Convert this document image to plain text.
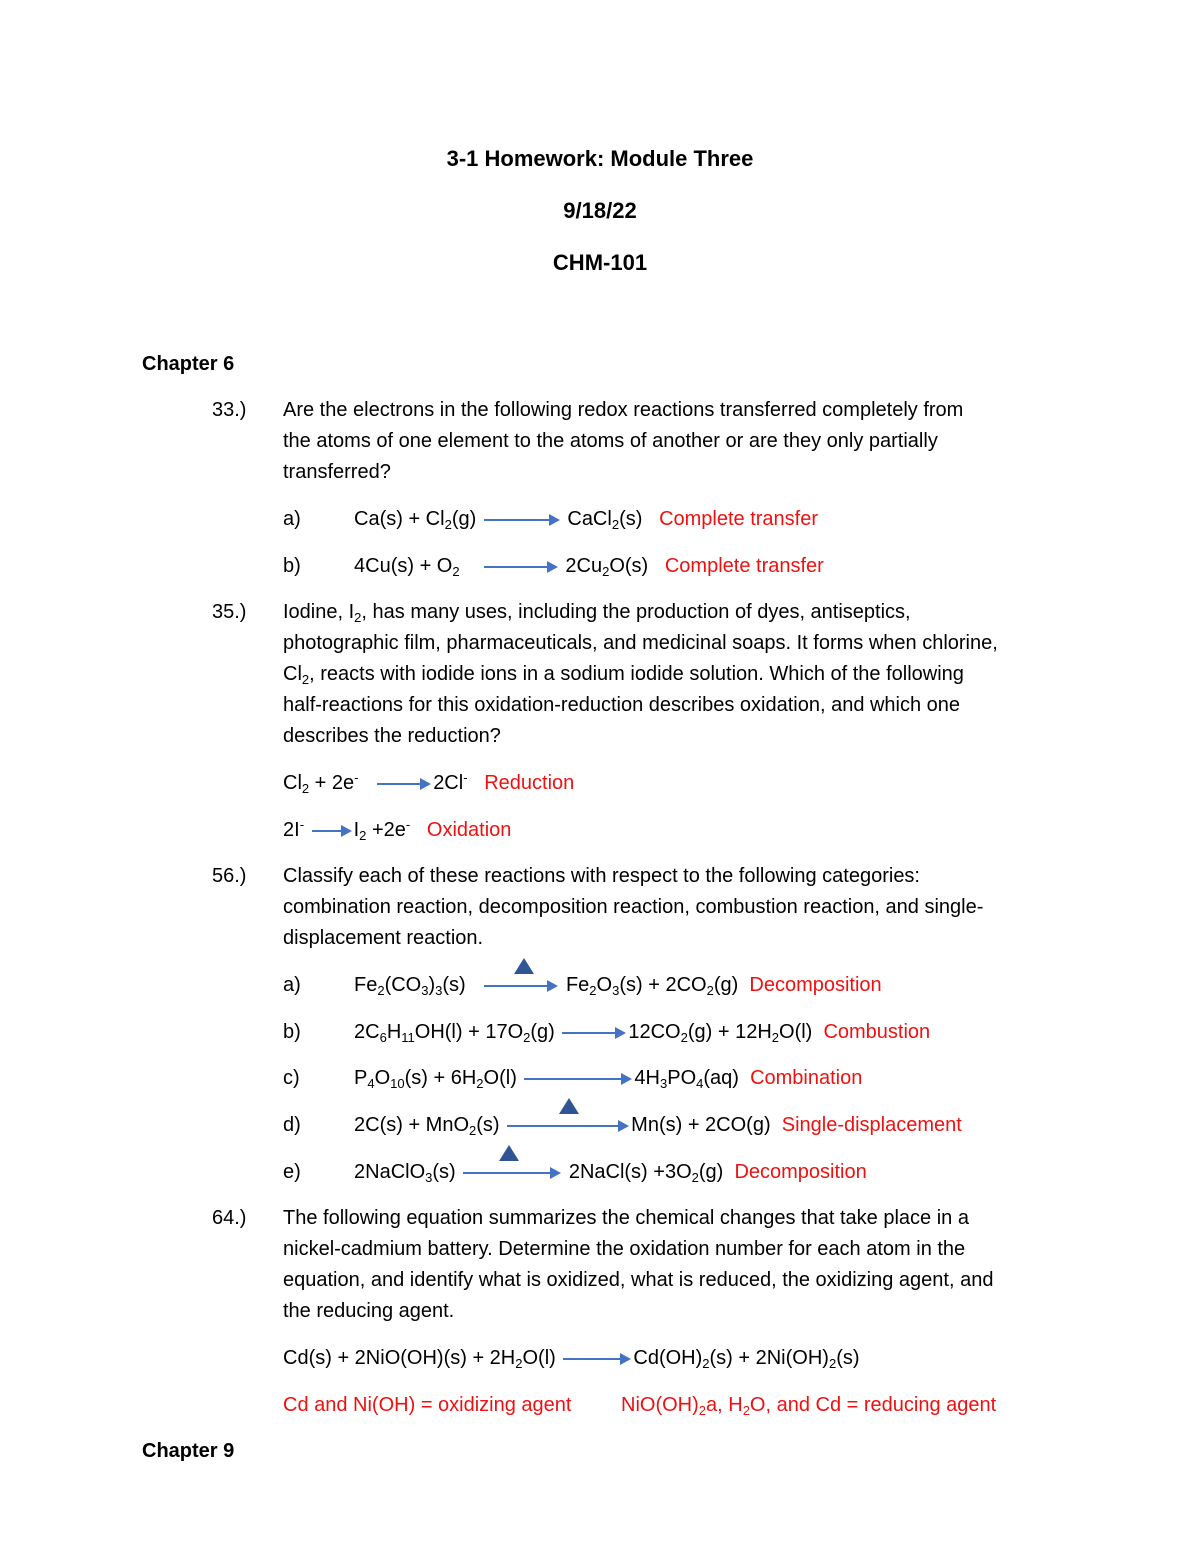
3-1 Homework: Module Three
9/18/22
CHM-101
Chapter 6
33.) Are the electrons in the following redox reactions transferred completely from
the atoms of one element to the atoms of another or are they only partially
transferred?
a)	$Ca(s) + Cl_2(g)$	CaCl$_2$(s)   Complete transfer
b)	$4Cu(s) + O_2$	$2Cu_2O(s)$   Complete transfer
35.) Iodine, $I_2$, has many uses, including the production of dyes, antiseptics,
photographic film, pharmaceuticals, and medicinal soaps. It forms when chlorine,
$Cl_2$, reacts with iodide ions in a sodium iodide solution. Which of the following
half-reactions for this oxidation-reduction describes oxidation, and which one
describes the reduction?
$Cl_2 + 2e^-$	2Cl- Reduction
2I- $I_2 +2e^-$ Oxidation
56.) Classify each of these reactions with respect to the following categories:
combination reaction, decomposition reaction, combustion reaction, and single-
displacement reaction.
a)	$Fe_2(CO_3)_3(s)$	$Fe_2O_3(s) + 2CO_2(g)$  Decomposition
b)	$2C_6H_{11}OH(l) + 17O_2(g)$	$12CO_2(g) + 12H_2O(l)$  Combustion
c)	$P_4O_{10}(s) + 6H_2O(l)$	$4H_3PO_4(aq)$  Combination
d)	2C(s) + MnO$_2$(s)	Mn(s) + 2CO(g)  Single-displacement
e)	2NaClO$_3$(s)	2NaCl(s) $+3O_2(g)$  Decomposition
64.) The following equation summarizes the chemical changes that take place in a
nickel-cadmium battery. Determine the oxidation number for each atom in the
equation, and identify what is oxidized, what is reduced, the oxidizing agent, and
the reducing agent.
$Cd(s) + 2NiO(OH)(s) + 2H_2O(l)$	$Cd(OH)_2(s) + 2Ni(OH)_2(s)$
Cd and Ni(OH) = oxidizing agent $NiO(OH)_2a$, $H_2O$, and Cd = reducing agent
Chapter 9
